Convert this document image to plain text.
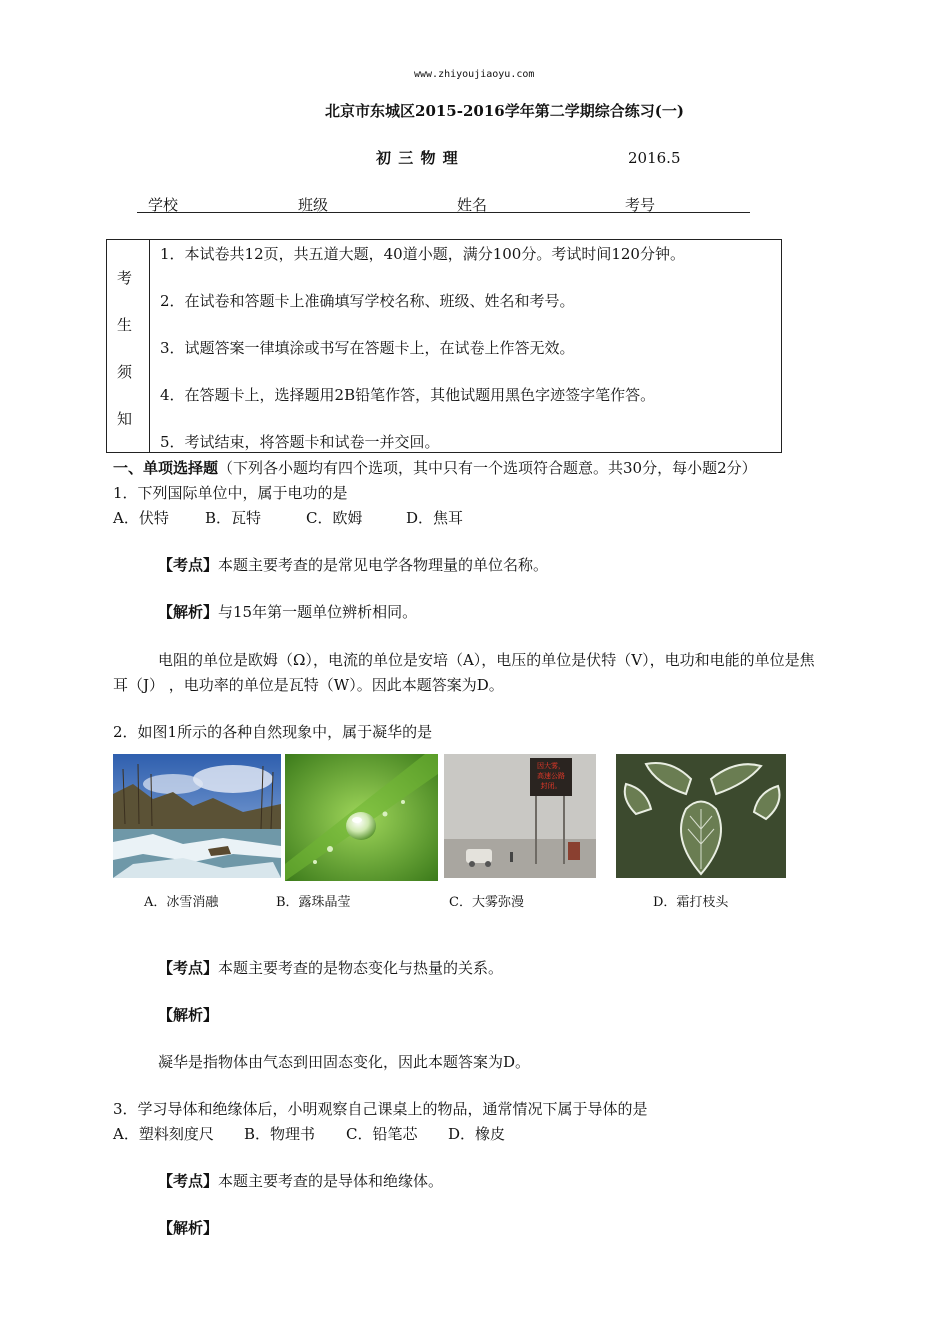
www.zhiyoujiaoyu.com
北京市东城区2015-2016学年第二学期综合练习(一)
初 三 物 理	2016.5
学校	班级	姓名	考号
考
生
须
知
1．本试卷共12页，共五道大题，40道小题，满分100分。考试时间120分钟。
2．在试卷和答题卡上准确填写学校名称、班级、姓名和考号。
3．试题答案一律填涂或书写在答题卡上，在试卷上作答无效。
4．在答题卡上，选择题用2B铅笔作答，其他试题用黑色字迹签字笔作答。
5．考试结束，将答题卡和试卷一并交回。
一、单项选择题（下列各小题均有四个选项，其中只有一个选项符合题意。共30分，每小题2分）
1．下列国际单位中，属于电功的是
A．伏特 B．瓦特	C．欧姆	D．焦耳
【考点】本题主要考查的是常见电学各物理量的单位名称。
【解析】与15年第一题单位辨析相同。
电阻的单位是欧姆（Ω），电流的单位是安培（A），电压的单位是伏特（V），电功和电能的单位是焦
耳（J） ，电功率的单位是瓦特（W）。因此本题答案为D。
2．如图1所示的各种自然现象中，属于凝华的是
因大雾，
高速公路
封闭。
A．冰雪消融	B．露珠晶莹	C．大雾弥漫	D．霜打枝头
【考点】本题主要考查的是物态变化与热量的关系。
【解析】
凝华是指物体由气态到田固态变化，因此本题答案为D。
3．学习导体和绝缘体后，小明观察自己课桌上的物品，通常情况下属于导体的是
A．塑料刻度尺 B．物理书 C．铅笔芯 D．橡皮
【考点】本题主要考查的是导体和绝缘体。
【解析】
